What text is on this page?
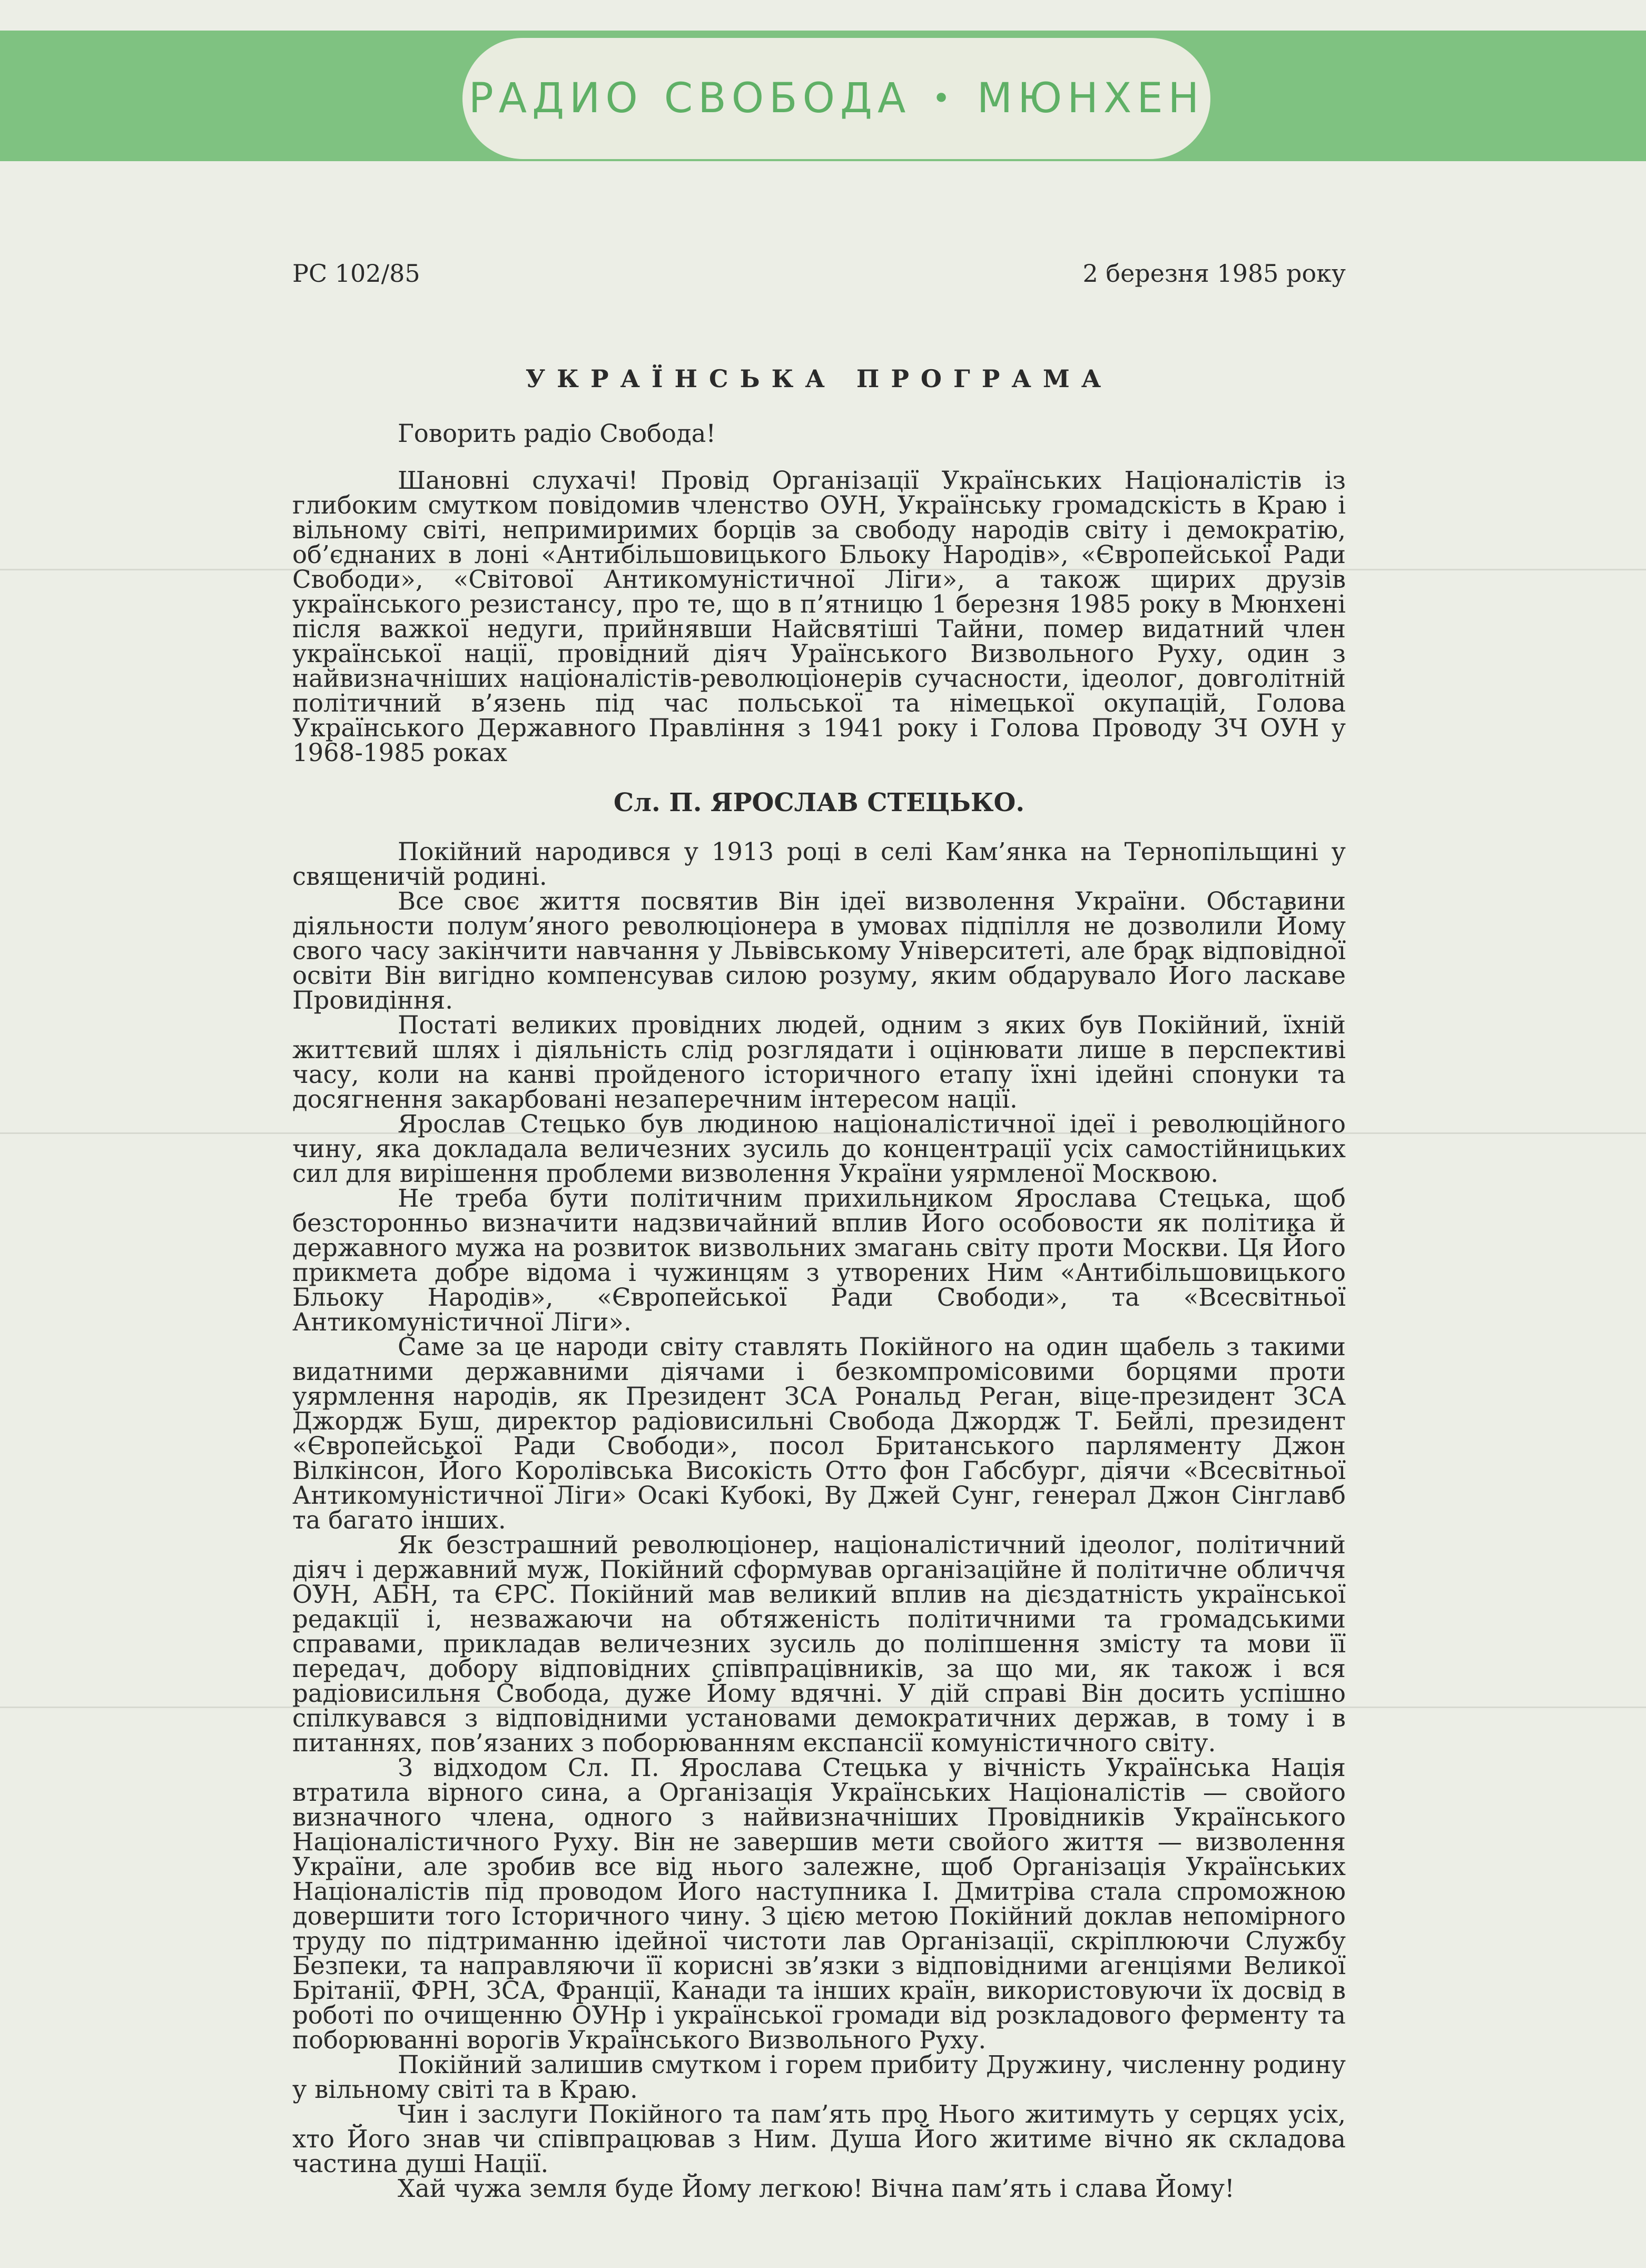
РАДИО СВОБОДА • МЮНХЕН
РС 102/85	2 березня 1985 року
УКРАЇНСЬКА ПРОГРАМА

Говорить радіо Свобода!

Шановні слухачі! Провід Організації Українських Націоналістів із глибоким смутком повідомив членство ОУН, Українську громадскість в Краю і вільному світі, непримиримих борців за свободу народів світу і демократію, об’єднаних в лоні «Антибільшовицького Бльоку Народів», «Європейської Ради Свободи», «Світової Антикомуністичної Ліги», а також щирих друзів українського резистансу, про те, що в п’ятницю 1 березня 1985 року в Мюнхені після важкої недуги, прийнявши Найсвятіші Тайни, помер видатний член української нації, провідний діяч Ураїнського Визвольного Руху, один з найвизначніших націоналістів-революціонерів сучасности, ідеолог, довголітній політичний в’язень під час польської та німецької окупацій, Голова Українського Державного Правління з 1941 року і Голова Проводу ЗЧ ОУН у 1968-1985 роках

Сл. П. ЯРОСЛАВ СТЕЦЬКО.

Покійний народився у 1913 році в селі Кам’янка на Тернопільщині у священичій родині.

Все своє життя посвятив Він ідеї визволення України. Обставини діяльности полум’яного революціонера в умовах підпілля не дозволили Йому свого часу закінчити навчання у Львівському Університеті, але брак відповідної освіти Він вигідно компенсував силою розуму, яким обдарувало Його ласкаве Провидіння.

Постаті великих провідних людей, одним з яких був Покійний, їхній життєвий шлях і діяльність слід розглядати і оцінювати лише в перспективі часу, коли на канві пройденого історичного етапу їхні ідейні спонуки та досягнення закарбовані незаперечним інтересом нації.

Ярослав Стецько був людиною націоналістичної ідеї і революційного чину, яка докладала величезних зусиль до концентрації усіх самостійницьких сил для вирішення проблеми визволення України уярмленої Москвою.

Не треба бути політичним прихильником Ярослава Стецька, щоб безсторонньо визначити надзвичайний вплив Його особовости як політика й державного мужа на розвиток визвольних змагань світу проти Москви. Ця Його прикмета добре відома і чужинцям з утворених Ним «Антибільшовицького Бльоку Народів», «Європейської Ради Свободи», та «Всесвітньої Антикомуністичної Ліги».

Саме за це народи світу ставлять Покійного на один щабель з такими видатними державними діячами і безкомпромісовими борцями проти уярмлення народів, як Президент ЗСА Рональд Реган, віце-президент ЗСА Джордж Буш, директор радіовисильні Свобода Джордж Т. Бейлі, президент «Європейської Ради Свободи», посол Британського парляменту Джон Вілкінсон, Його Королівська Високість Отто фон Габсбург, діячи «Всесвітньої Антикомуністичної Ліги» Осакі Кубокі, Ву Джей Сунг, генерал Джон Сінглавб та багато інших.

Як безстрашний революціонер, націоналістичний ідеолог, політичний діяч і державний муж, Покійний сформував організаційне й політичне обличчя ОУН, АБН, та ЄРС. Покійний мав великий вплив на дієздатність української редакції і, незважаючи на обтяженість політичними та громадськими справами, прикладав величезних зусиль до поліпшення змісту та мови її передач, добору відповідних співпрацівників, за що ми, як також і вся радіовисильня Свобода, дуже Йому вдячні. У дій справі Він досить успішно спілкувався з відповідними установами демократичних держав, в тому і в питаннях, пов’язаних з поборюванням експансії комуністичного світу.

З відходом Сл. П. Ярослава Стецька у вічність Українська Нація втратила вірного сина, а Організація Українських Націоналістів — свойого визначного члена, одного з найвизначніших Провідників Українського Націоналістичного Руху. Він не завершив мети свойого життя — визволення України, але зробив все від нього залежне, щоб Організація Українських Націоналістів під проводом Його наступника І. Дмитріва стала спроможною довершити того Історичного чину. З цією метою Покійний доклав непомірного труду по підтриманню ідейної чистоти лав Організації, скріплюючи Службу Безпеки, та направляючи її корисні зв’язки з відповідними агенціями Великої Брітанії, ФРН, ЗСА, Франції, Канади та інших країн, використовуючи їх досвід в роботі по очищенню ОУНр і української громади від розкладового ферменту та поборюванні ворогів Українського Визвольного Руху.

Покійний залишив смутком і горем прибиту Дружину, численну родину у вільному світі та в Краю.

Чин і заслуги Покійного та пам’ять про Нього житимуть у серцях усіх, хто Його знав чи співпрацював з Ним. Душа Його житиме вічно як складова частина душі Нації.

Хай чужа земля буде Йому легкою! Вічна пам’ять і слава Йому!
